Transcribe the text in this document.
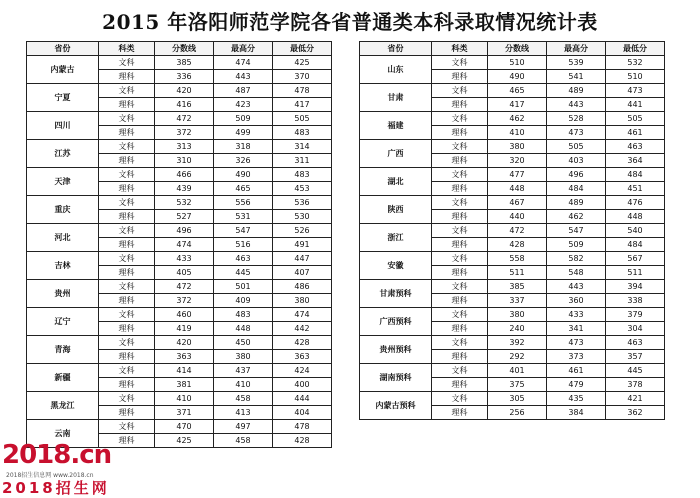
2015 年洛阳师范学院各省普通类本科录取情况统计表
省份	科类	分数线	最高分	最低分
内蒙古	文科	385	474	425
	理科	336	443	370
宁夏	文科	420	487	478
	理科	416	423	417
四川	文科	472	509	505
	理科	372	499	483
江苏	文科	313	318	314
	理科	310	326	311
天津	文科	466	490	483
	理科	439	465	453
重庆	文科	532	556	536
	理科	527	531	530
河北	文科	496	547	526
	理科	474	516	491
吉林	文科	433	463	447
	理科	405	445	407
贵州	文科	472	501	486
	理科	372	409	380
辽宁	文科	460	483	474
	理科	419	448	442
青海	文科	420	450	428
	理科	363	380	363
新疆	文科	414	437	424
	理科	381	410	400
黑龙江	文科	410	458	444
	理科	371	413	404
云南	文科	470	497	478
	理科	425	458	428
省份	科类	分数线	最高分	最低分
山东	文科	510	539	532
	理科	490	541	510
甘肃	文科	465	489	473
	理科	417	443	441
福建	文科	462	528	505
	理科	410	473	461
广西	文科	380	505	463
	理科	320	403	364
湖北	文科	477	496	484
	理科	448	484	451
陕西	文科	467	489	476
	理科	440	462	448
浙江	文科	472	547	540
	理科	428	509	484
安徽	文科	558	582	567
	理科	511	548	511
甘肃预科	文科	385	443	394
	理科	337	360	338
广西预科	文科	380	433	379
	理科	240	341	304
贵州预科	文科	392	473	463
	理科	292	373	357
湖南预科	文科	401	461	445
	理科	375	479	378
内蒙古预科	文科	305	435	421
	理科	256	384	362
2018.cn
2018招生信息网 www.2018.cn
2018招生网
